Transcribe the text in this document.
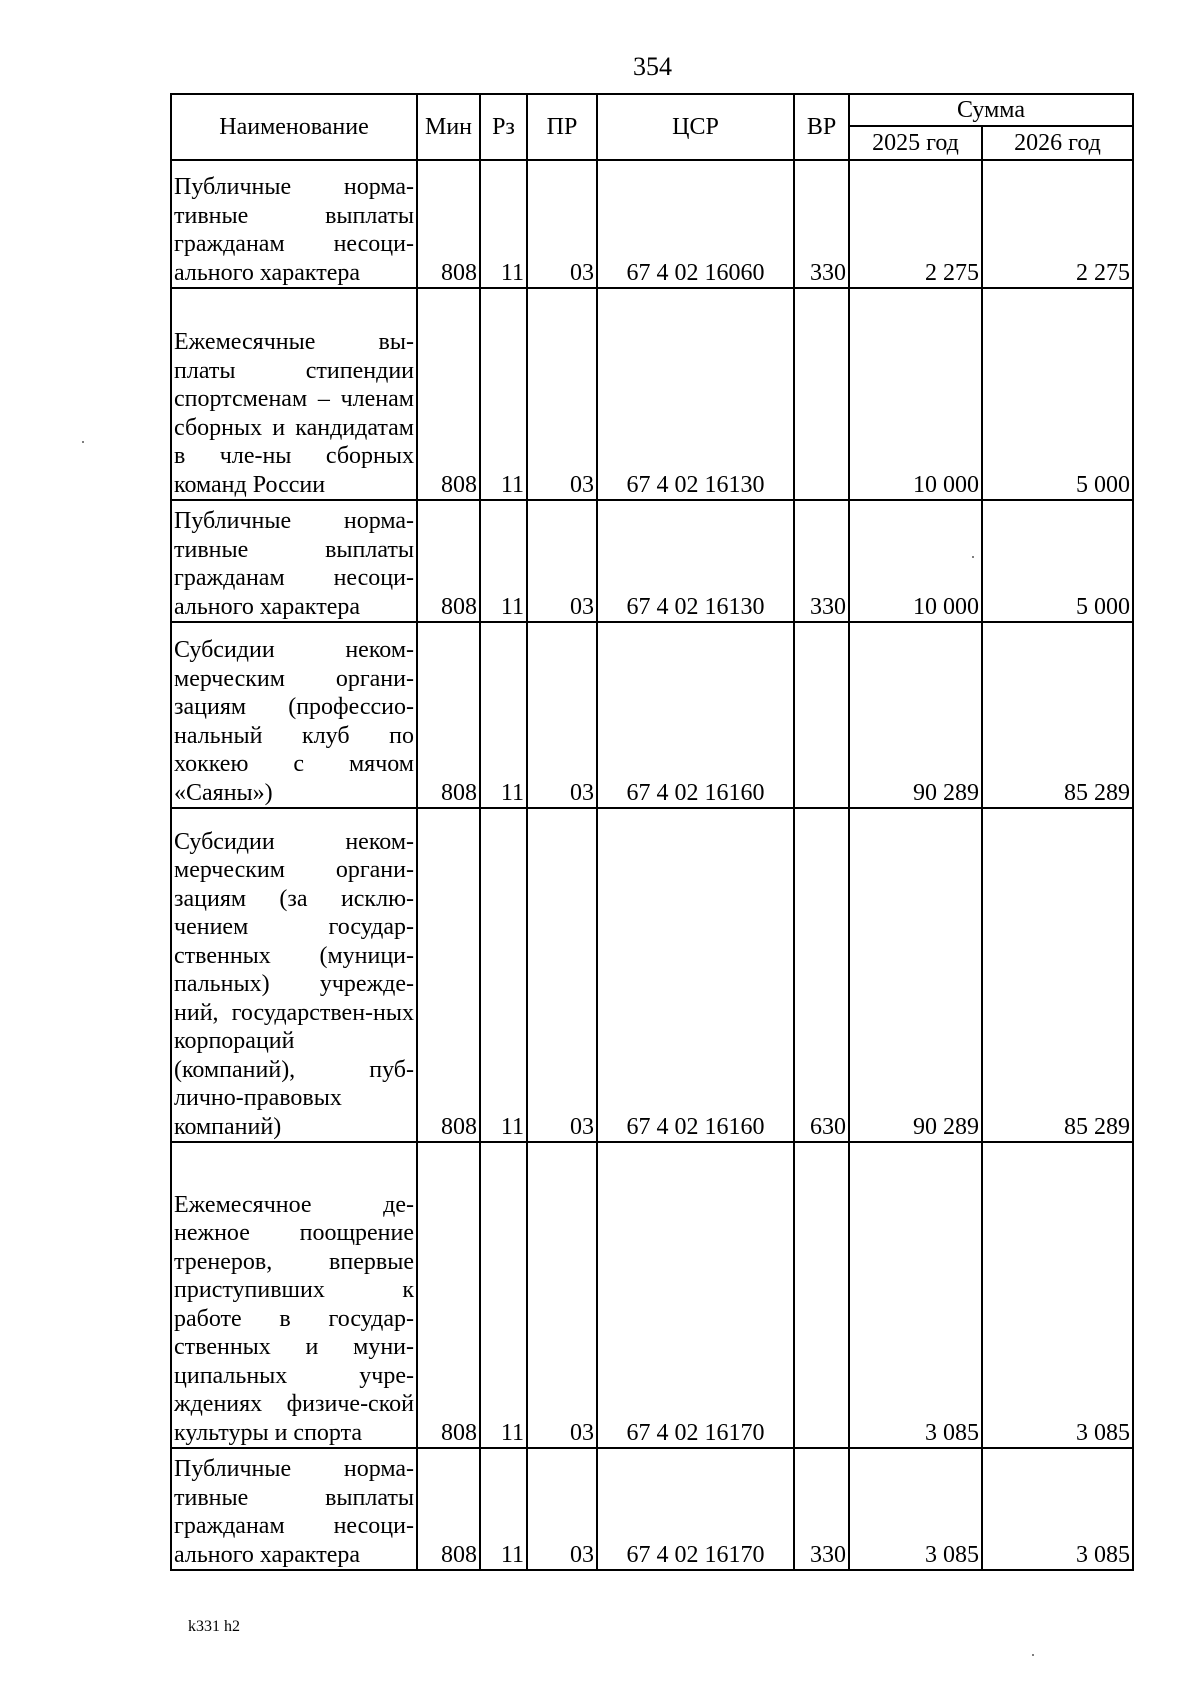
354
Наименование	Мин	Рз	ПР	ЦСР	ВР	Сумма	
						2025 год	2026 год
Публичные норма-тивные выплаты гражданам несоци-ального характера	808	11	03	67 4 02 16060	330	2 275	2 275
Ежемесячные вы-платы стипендии спортсменам – членам сборных и кандидатам в чле-ны сборных команд России	808	11	03	67 4 02 16130		10 000	5 000
Публичные норма-тивные выплаты гражданам несоци-ального характера	808	11	03	67 4 02 16130	330	10 000	5 000
Субсидии неком-мерческим органи-зациям (профессио-нальный клуб по хоккею с мячом «Саяны»)	808	11	03	67 4 02 16160		90 289	85 289
Субсидии неком-мерческим органи-зациям (за исклю-чением государ-ственных (муници-пальных) учрежде-ний, государствен-ных корпораций (компаний), пуб-лично-правовых компаний)	808	11	03	67 4 02 16160	630	90 289	85 289
Ежемесячное де-нежное поощрение тренеров, впервые приступивших к работе в государ-ственных и муни-ципальных учре-ждениях физиче-ской культуры и спорта	808	11	03	67 4 02 16170		3 085	3 085
Публичные норма-тивные выплаты гражданам несоци-ального характера	808	11	03	67 4 02 16170	330	3 085	3 085
k331 h2
